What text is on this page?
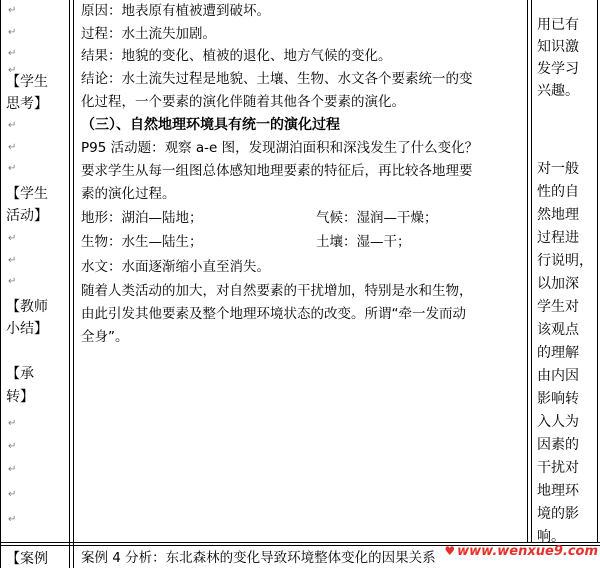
↵
↵
↵
↵
【学生
思考】
↵
↵
↵
【学生
活动】
↵
↵
↵
【教师
小结】
【承
转】
↵
↵
↵
↵
↵
【案例
原因：地表原有植被遭到破坏。
过程：水土流失加剧。
结果：地貌的变化、植被的退化、地方气候的变化。
结论：水土流失过程是地貌、土壤、生物、水文各个要素统一的变
化过程，一个要素的演化伴随着其他各个要素的演化。
（三）、自然地理环境具有统一的演化过程
P95 活动题：观察 a-e 图，发现湖泊面积和深浅发生了什么变化？
要求学生从每一组图总体感知地理要素的特征后，再比较各地理要
素的演化过程。
地形：湖泊—陆地；	气候：湿润—干燥；
生物：水生—陆生；	土壤：湿—干；
水文：水面逐渐缩小直至消失。
随着人类活动的加大，对自然要素的干扰增加，特别是水和生物，
由此引发其他要素及整个地理环境状态的改变。所谓“牵一发而动
全身”。
案例 4 分析：东北森林的变化导致环境整体变化的因果关系
用已有
知识激
发学习
兴趣。
对一般
性的自
然地理
过程进
行说明，
以加深
学生对
该观点
的理解
由内因
影响转
入人为
因素的
干扰对
地理环
境的影
响。
♥ www.wenxue9.com
